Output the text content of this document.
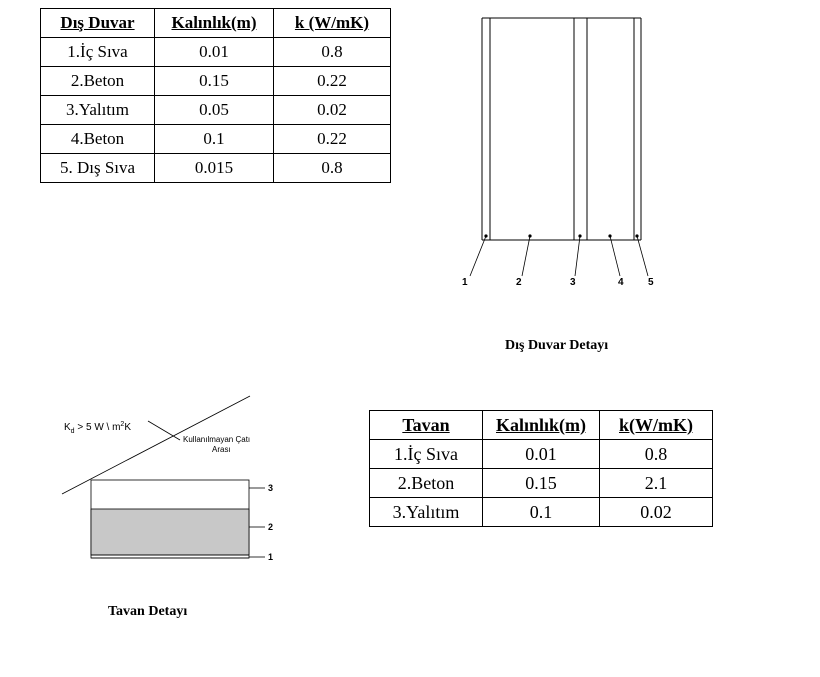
Dış Duvar	Kalınlık(m)	k (W/mK)
1.İç Sıva	0.01	0.8
2.Beton	0.15	0.22
3.Yalıtım	0.05	0.02
4.Beton	0.1	0.22
5. Dış Sıva	0.015	0.8
Tavan	Kalınlık(m)	k(W/mK)
1.İç Sıva	0.01	0.8
2.Beton	0.15	2.1
3.Yalıtım	0.1	0.02
1	2	3	4 5
$K_d > 5$ W \ $m^2K$
Kullanılmayan Çatı
Arası
3
2
1
Dış Duvar Detayı
Tavan Detayı
